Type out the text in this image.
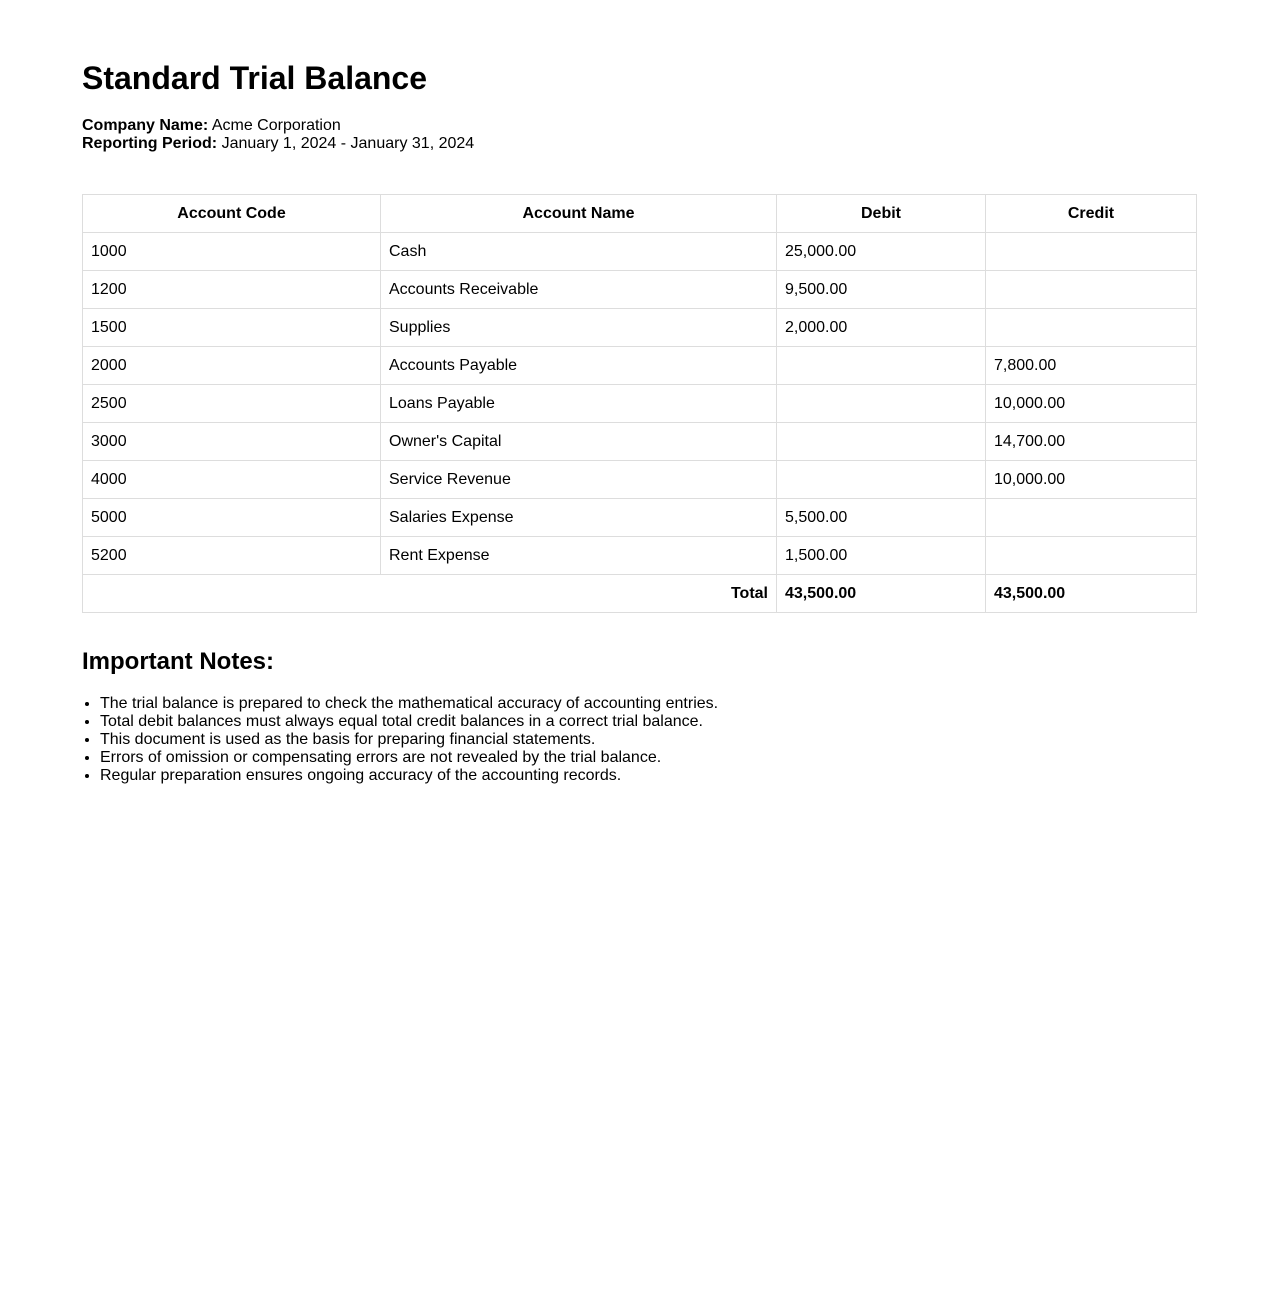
Standard Trial Balance
Company Name: Acme Corporation
Reporting Period: January 1, 2024 - January 31, 2024
Account Code	Account Name	Debit	Credit
1000	Cash	25,000.00	
1200	Accounts Receivable	9,500.00	
1500	Supplies	2,000.00	
2000	Accounts Payable		7,800.00
2500	Loans Payable		10,000.00
3000	Owner's Capital		14,700.00
4000	Service Revenue		10,000.00
5000	Salaries Expense	5,500.00	
5200	Rent Expense	1,500.00	
Total		43,500.00	43,500.00
Important Notes:
• The trial balance is prepared to check the mathematical accuracy of accounting entries.
• Total debit balances must always equal total credit balances in a correct trial balance.
• This document is used as the basis for preparing financial statements.
• Errors of omission or compensating errors are not revealed by the trial balance.
• Regular preparation ensures ongoing accuracy of the accounting records.
